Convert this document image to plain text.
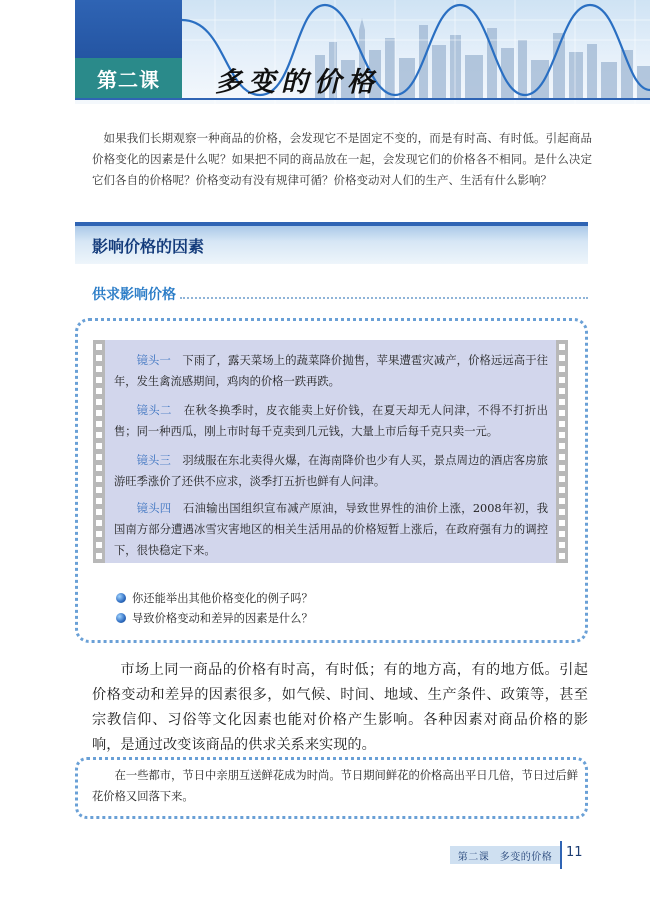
第二课	多变的价格

如果我们长期观察一种商品的价格，会发现它不是固定不变的，而是有时高、有时低。引起商品价格变化的因素是什么呢？如果把不同的商品放在一起，会发现它们的价格各不相同。是什么决定它们各自的价格呢？价格变动有没有规律可循？价格变动对人们的生产、生活有什么影响？

影响价格的因素
供求影响价格

镜头一　 下雨了，露天菜场上的蔬菜降价抛售，苹果遭雹灾减产，价格远远高于往年，发生禽流感期间，鸡肉的价格一跌再跌。

镜头二　 在秋冬换季时，皮衣能卖上好价钱，在夏天却无人问津，不得不打折出售；同一种西瓜，刚上市时每千克卖到几元钱，大量上市后每千克只卖一元。

镜头三　 羽绒服在东北卖得火爆，在海南降价也少有人买，景点周边的酒店客房旅游旺季涨价了还供不应求，淡季打五折也鲜有人问津。

镜头四　 石油输出国组织宣布减产原油，导致世界性的油价上涨，2008年初，我国南方部分遭遇冰雪灾害地区的相关生活用品的价格短暂上涨后，在政府强有力的调控下，很快稳定下来。

你还能举出其他价格变化的例子吗？
导致价格变动和差异的因素是什么？

市场上同一商品的价格有时高，有时低；有的地方高，有的地方低。引起价格变动和差异的因素很多，如气候、时间、地域、生产条件、政策等，甚至宗教信仰、习俗等文化因素也能对价格产生影响。各种因素对商品价格的影响，是通过改变该商品的供求关系来实现的。

在一些都市，节日中亲朋互送鲜花成为时尚。节日期间鲜花的价格高出平日几倍，节日过后鲜花价格又回落下来。

第二课　多变的价格	11
